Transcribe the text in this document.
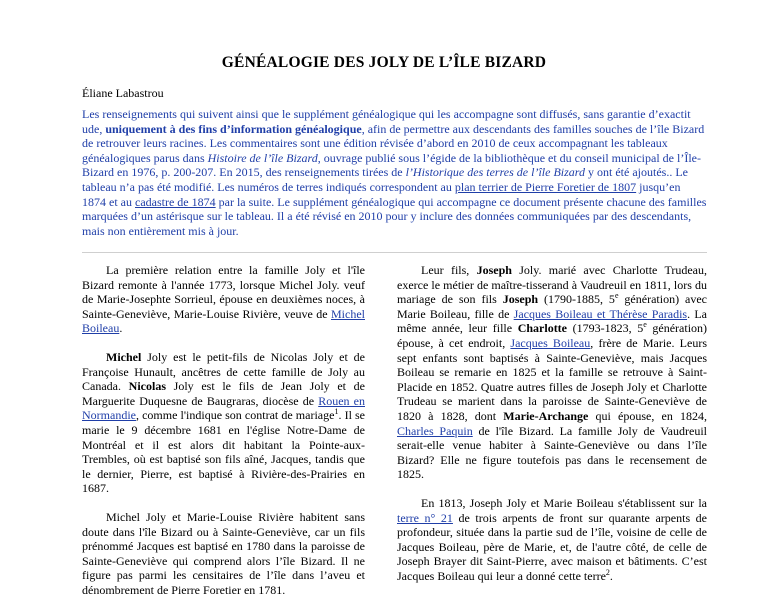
GÉNÉALOGIE DES JOLY DE L’ÎLE BIZARD
Éliane Labastrou
Les renseignements qui suivent ainsi que le supplément généalogique qui les accompagne sont diffusés, sans garantie d’exactit ude, uniquement à des fins d’information généalogique, afin de permettre aux descendants des familles souches de l’île Bizard de retrouver leurs racines. Les commentaires sont une édition révisée d’abord en 2010 de ceux accompagnant les tableaux généalogiques parus dans Histoire de l’île Bizard, ouvrage publié sous l’égide de la bibliothèque et du conseil municipal de l’Île-Bizard en 1976, p. 200-207. En 2015, des renseignements tirées de l’Historique des terres de l’île Bizard y ont été ajoutés.. Le tableau n’a pas été modifié. Les numéros de terres indiqués correspondent au plan terrier de Pierre Foretier de 1807 jusqu’en 1874 et au cadastre de 1874 par la suite. Le supplément généalogique qui accompagne ce document présente chacune des familles marquées d’un astérisque sur le tableau. Il a été révisé en 2010 pour y inclure des données communiquées par des descendants, mais non entièrement mis à jour.

La première relation entre la famille Joly et l'île Bizard remonte à l'année 1773, lorsque Michel Joly. veuf de Marie-Josephte Sorrieul, épouse en deuxièmes noces, à Sainte-Geneviève, Marie-Louise Rivière, veuve de Michel Boileau.

Michel Joly est le petit-fils de Nicolas Joly et de Françoise Hunault, ancêtres de cette famille de Joly au Canada. Nicolas Joly est le fils de Jean Joly et de Marguerite Duquesne de Baugraras, diocèse de Rouen en Normandie, comme l'indique son contrat de mariage$^1$. Il se marie le 9 décembre 1681 en l'église Notre-Dame de Montréal et il est alors dit habitant la Pointe-aux-Trembles, où est baptisé son fils aîné, Jacques, tandis que le dernier, Pierre, est baptisé à Rivière-des-Prairies en 1687.

Michel Joly et Marie-Louise Rivière habitent sans doute dans l'île Bizard ou à Sainte-Geneviève, car un fils prénommé Jacques est baptisé en 1780 dans la paroisse de Sainte-Geneviève qui comprend alors l’île Bizard. Il ne figure pas parmi les censitaires de l’île dans l’aveu et dénombrement de Pierre Foretier en 1781.

Leur fils, Joseph Joly. marié avec Charlotte Trudeau, exerce le métier de maître-tisserand à Vaudreuil en 1811, lors du mariage de son fils Joseph (1790-1885, 5e génération) avec Marie Boileau, fille de Jacques Boileau et Thérèse Paradis. La même année, leur fille Charlotte (1793-1823, 5e génération) épouse, à cet endroit, Jacques Boileau, frère de Marie. Leurs sept enfants sont baptisés à Sainte-Geneviève, mais Jacques Boileau se remarie en 1825 et la famille se retrouve à Saint-Placide en 1852. Quatre autres filles de Joseph Joly et Charlotte Trudeau se marient dans la paroisse de Sainte-Geneviève de 1820 à 1828, dont Marie-Archange qui épouse, en 1824, Charles Paquin de l'île Bizard. La famille Joly de Vaudreuil serait-elle venue habiter à Sainte-Geneviève ou dans l’île Bizard? Elle ne figure toutefois pas dans le recensement de 1825.

En 1813, Joseph Joly et Marie Boileau s'établissent sur la terre n° 21 de trois arpents de front sur quarante arpents de profondeur, située dans la partie sud de l’île, voisine de celle de Jacques Boileau, père de Marie, et, de l'autre côté, de celle de Joseph Brayer dit Saint-Pierre, avec maison et bâtiments. C’est Jacques Boileau qui leur a donné cette terre$^2$.
